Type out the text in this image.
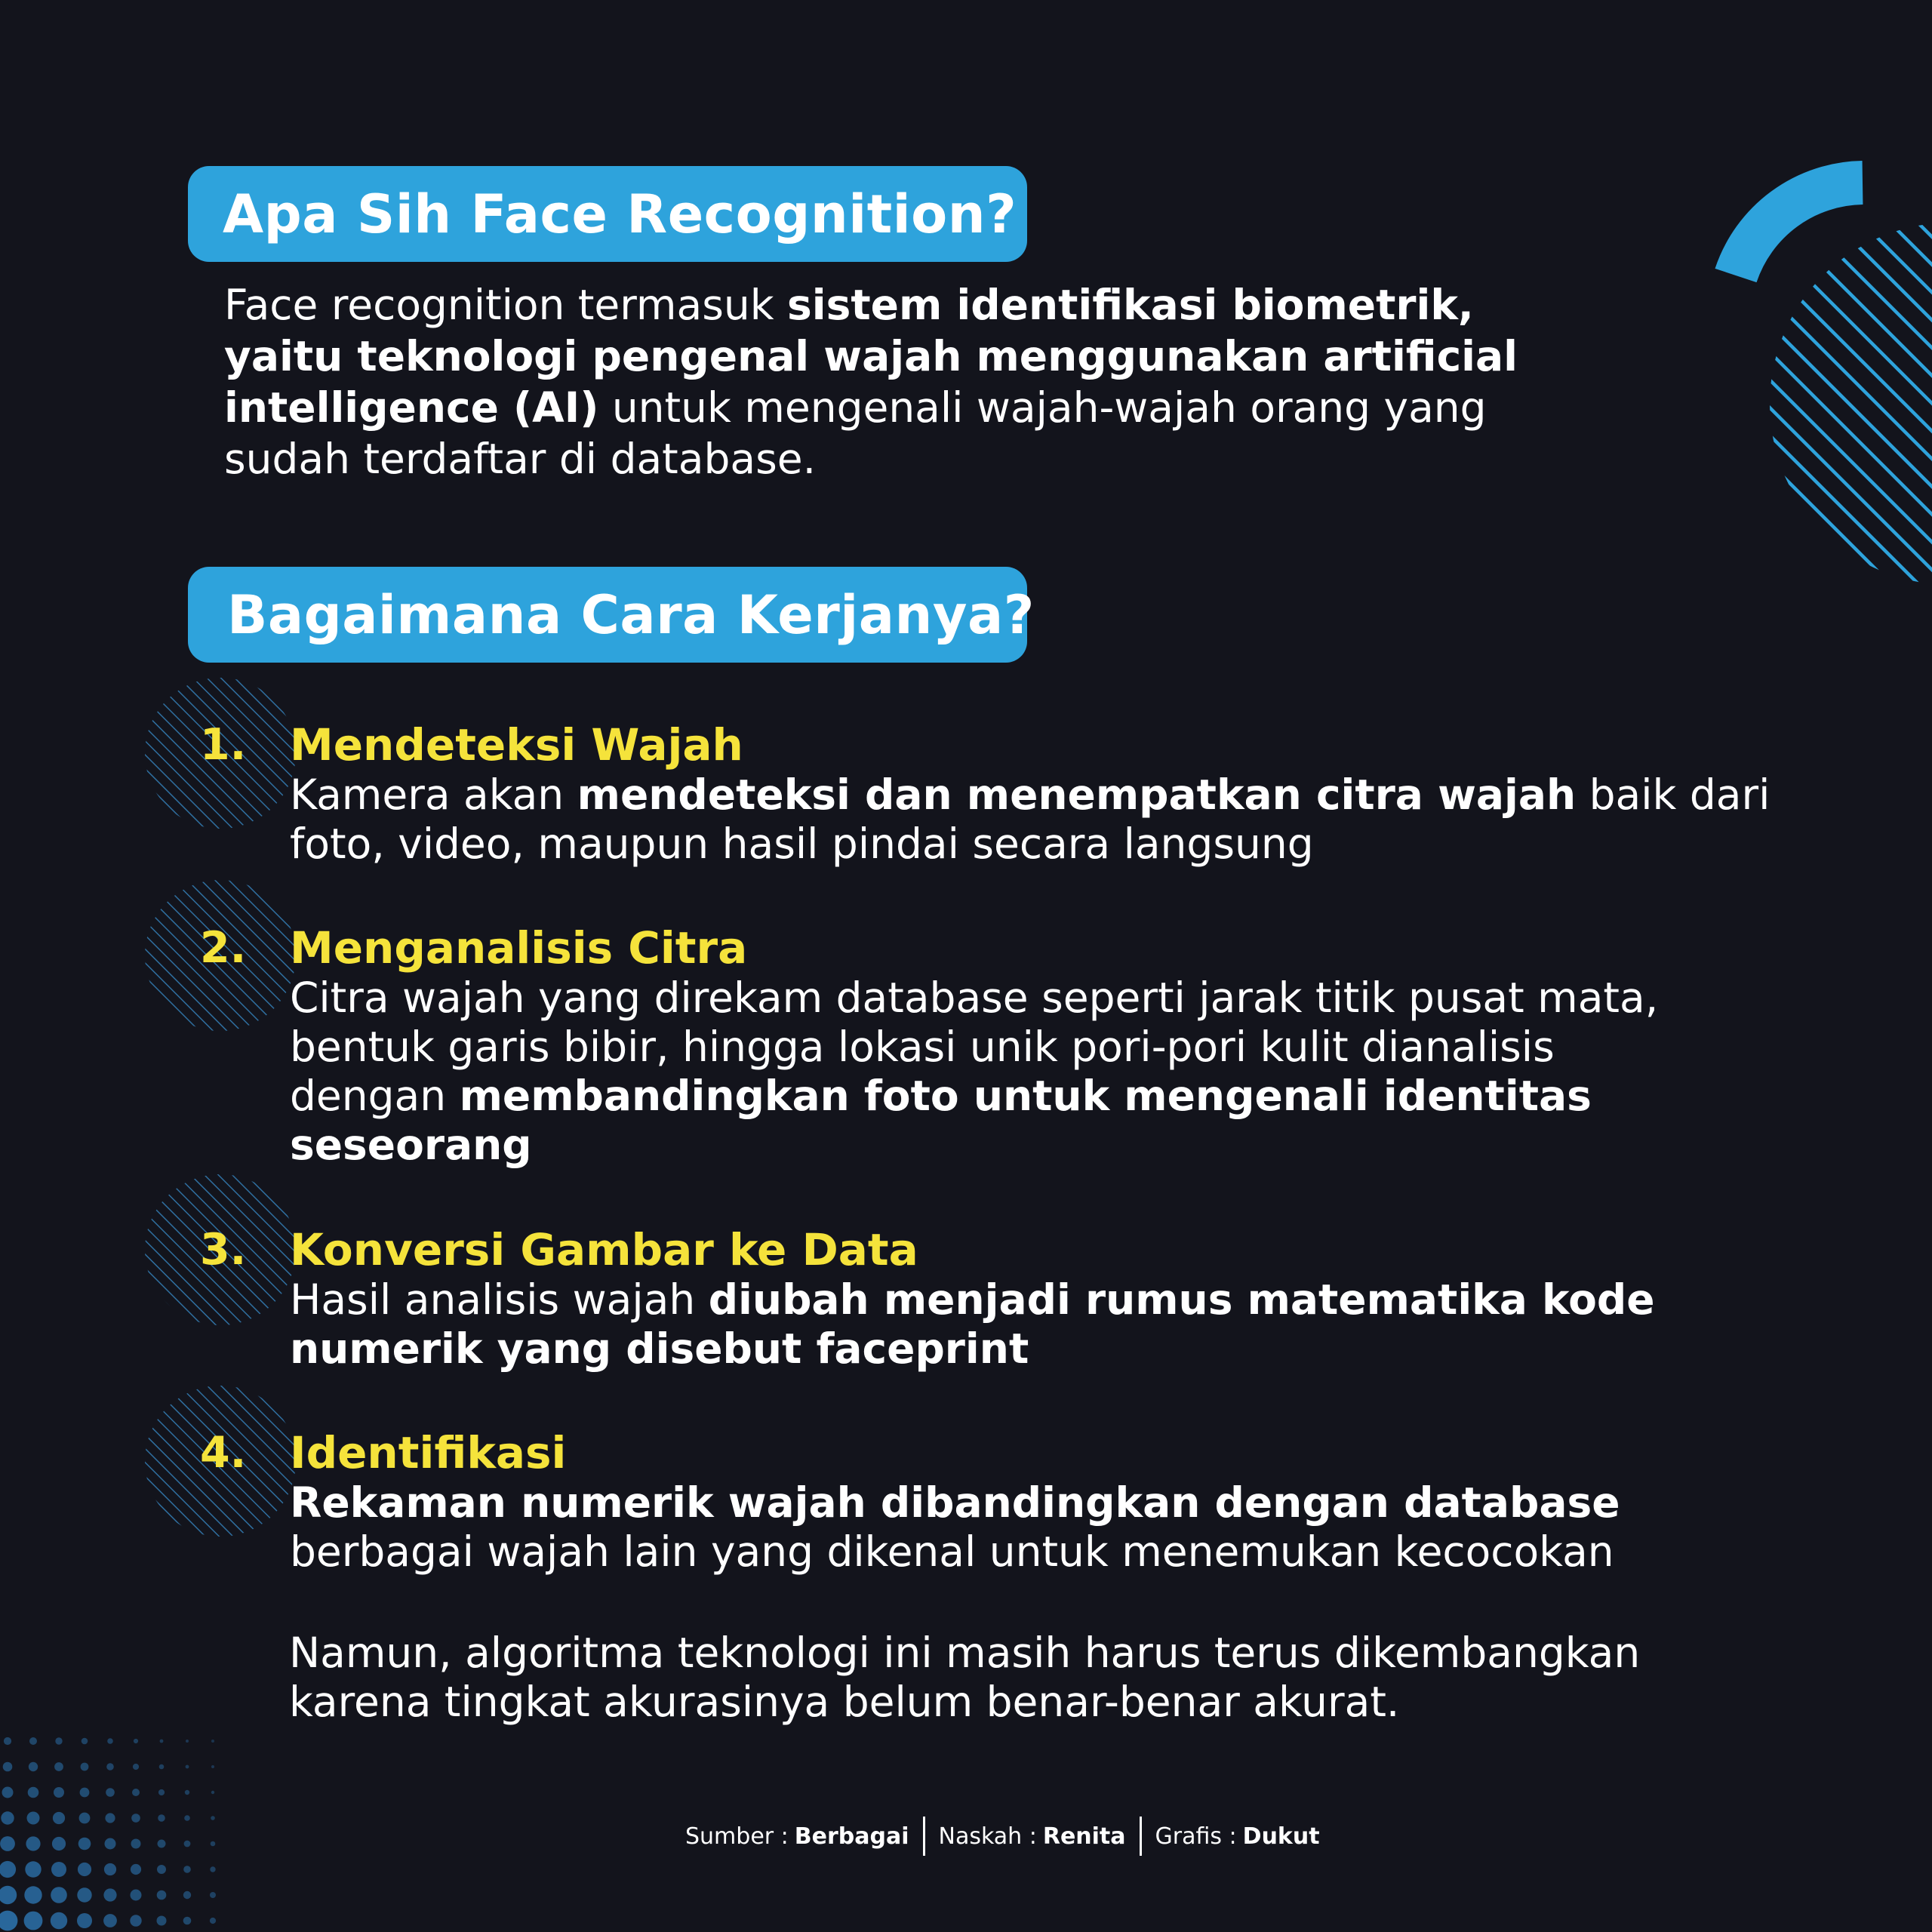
Apa Sih Face Recognition?
Face recognition termasuk sistem identifikasi biometrik,
yaitu teknologi pengenal wajah menggunakan artificial
intelligence (AI) untuk mengenali wajah-wajah orang yang
sudah terdaftar di database.
Bagaimana Cara Kerjanya?
1. Mendeteksi Wajah
Kamera akan mendeteksi dan menempatkan citra wajah baik dari
foto, video, maupun hasil pindai secara langsung
2. Menganalisis Citra
Citra wajah yang direkam database seperti jarak titik pusat mata,
bentuk garis bibir, hingga lokasi unik pori-pori kulit dianalisis
dengan membandingkan foto untuk mengenali identitas
seseorang
3. Konversi Gambar ke Data
Hasil analisis wajah diubah menjadi rumus matematika kode
numerik yang disebut faceprint
4. Identifikasi
Rekaman numerik wajah dibandingkan dengan database
berbagai wajah lain yang dikenal untuk menemukan kecocokan
Namun, algoritma teknologi ini masih harus terus dikembangkan
karena tingkat akurasinya belum benar-benar akurat.
Sumber : Berbagai Naskah : Renita Grafis : Dukut
